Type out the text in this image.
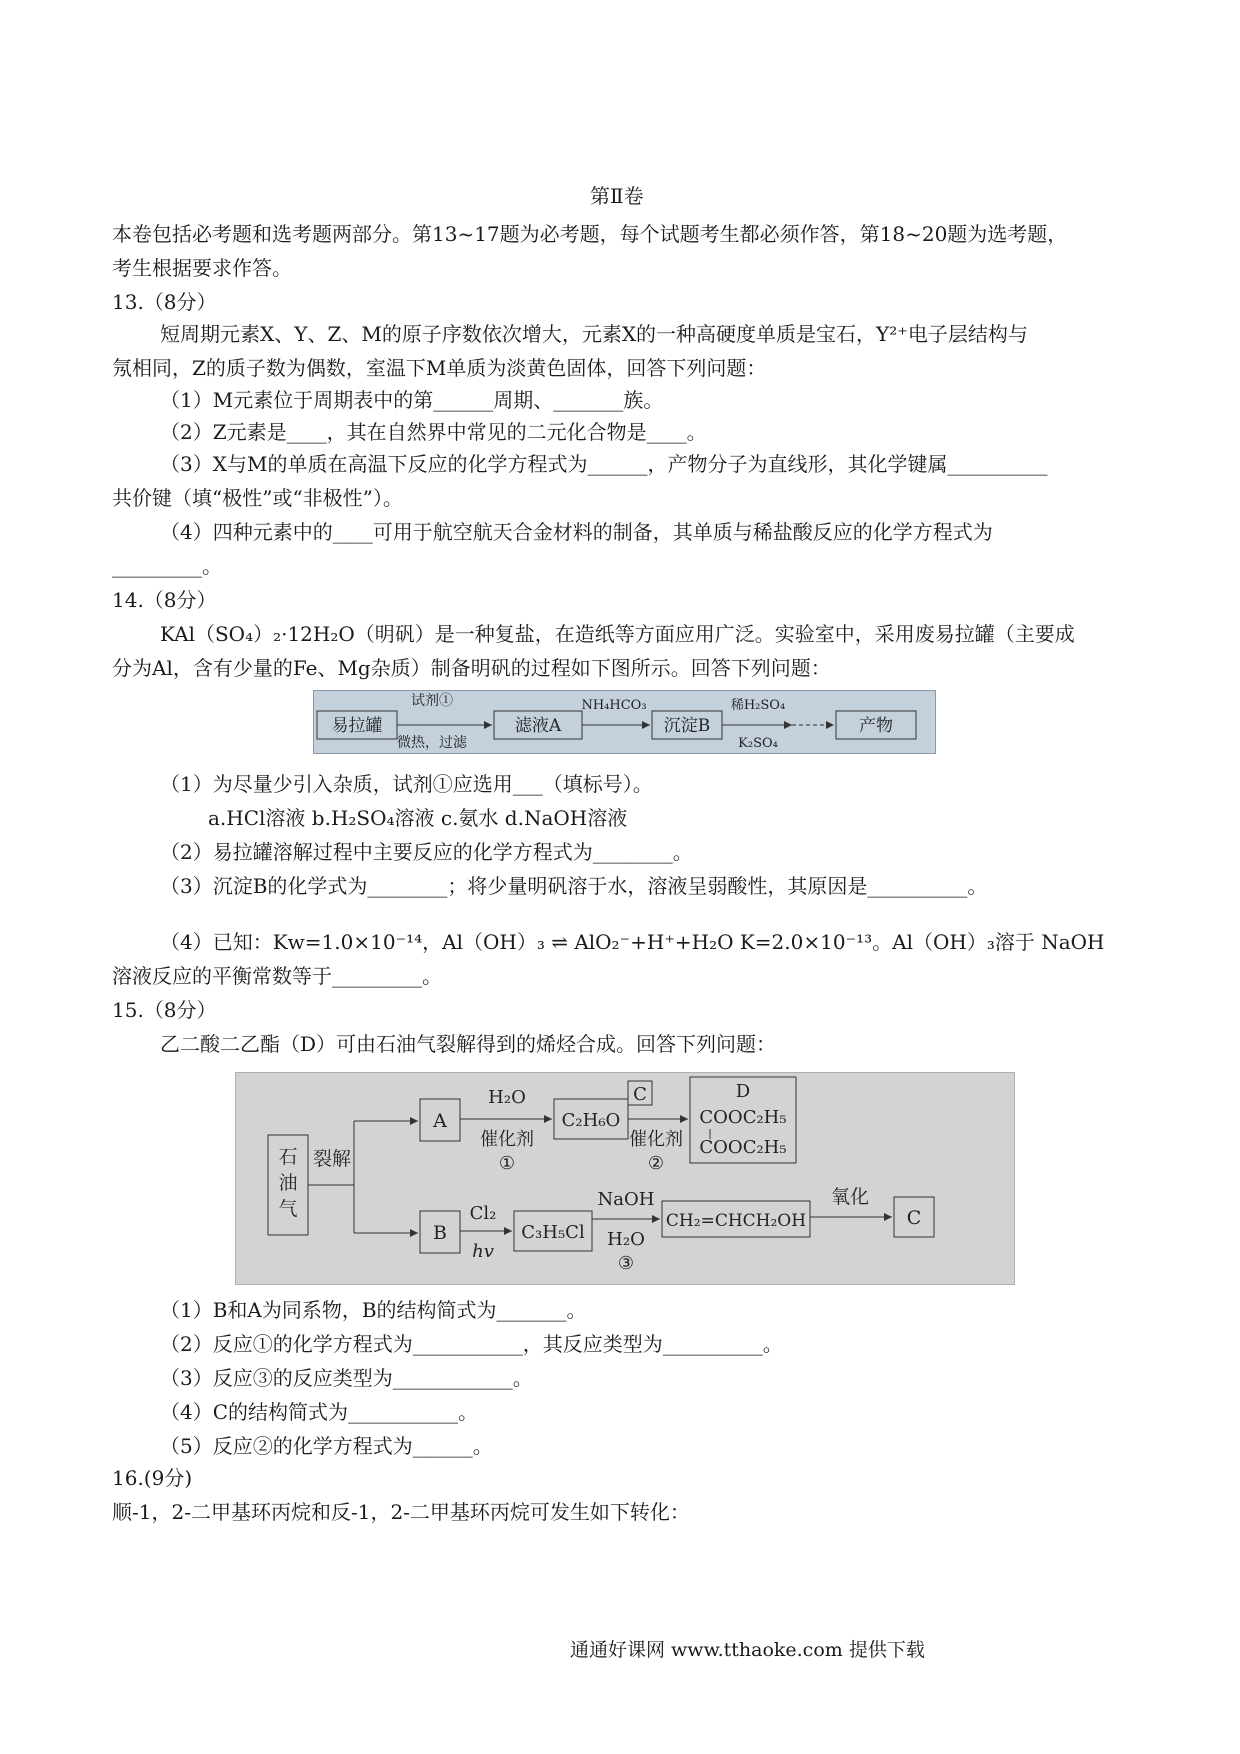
第Ⅱ卷
本卷包括必考题和选考题两部分。第13~17题为必考题，每个试题考生都必须作答，第18~20题为选考题，
考生根据要求作答。
13.（8分）
短周期元素X、Y、Z、M的原子序数依次增大，元素X的一种高硬度单质是宝石，Y²⁺电子层结构与
氖相同，Z的质子数为偶数，室温下M单质为淡黄色固体，回答下列问题：
（1）M元素位于周期表中的第______周期、_______族。
（2）Z元素是____，其在自然界中常见的二元化合物是____。
（3）X与M的单质在高温下反应的化学方程式为______，产物分子为直线形，其化学键属__________
共价键（填“极性”或“非极性”）。
（4）四种元素中的____可用于航空航天合金材料的制备，其单质与稀盐酸反应的化学方程式为
_________。
14.（8分）
KAl（SO₄）₂·12H₂O（明矾）是一种复盐，在造纸等方面应用广泛。实验室中，采用废易拉罐（主要成
分为Al，含有少量的Fe、Mg杂质）制备明矾的过程如下图所示。回答下列问题：
易拉罐
试剂①
微热，过滤
滤液A
NH₄HCO₃
沉淀B
稀H₂SO₄
K₂SO₄
产物
（1）为尽量少引入杂质，试剂①应选用___（填标号）。
a.HCl溶液 b.H₂SO₄溶液 c.氨水 d.NaOH溶液
（2）易拉罐溶解过程中主要反应的化学方程式为________。
（3）沉淀B的化学式为________；将少量明矾溶于水，溶液呈弱酸性，其原因是__________。
（4）已知：Kw=1.0×10⁻¹⁴，Al（OH）₃ ⇌ AlO₂⁻+H⁺+H₂O K=2.0×10⁻¹³。Al（OH）₃溶于 NaOH
溶液反应的平衡常数等于_________。
15.（8分）
乙二酸二乙酯（D）可由石油气裂解得到的烯烃合成。回答下列问题：
石
油
气
裂解
A
H₂O
催化剂
①
C₂H₆O
C
催化剂
②
D
COOC₂H₅
COOC₂H₅
B
Cl₂
hv
C₃H₅Cl
NaOH
H₂O
③
CH₂=CHCH₂OH
氧化
C
（1）B和A为同系物，B的结构简式为_______。
（2）反应①的化学方程式为___________，其反应类型为__________。
（3）反应③的反应类型为____________。
（4）C的结构简式为___________。
（5）反应②的化学方程式为______。
16.(9分)
顺-1，2-二甲基环丙烷和反-1，2-二甲基环丙烷可发生如下转化：
通通好课网 www.tthaoke.com 提供下载
